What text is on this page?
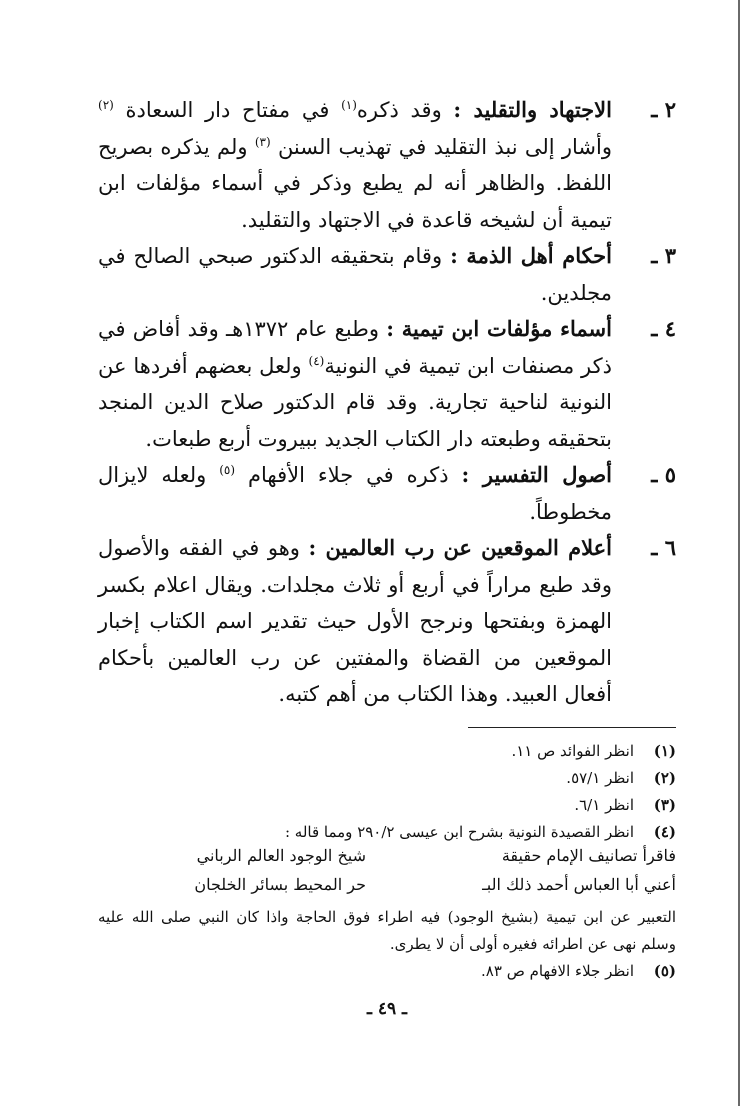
٢ ـ
الاجتهاد والتقليد : وقد ذكره$^{(١)}$ في مفتاح دار السعادة $^{(٢)}$ وأشار إلى نبذ التقليد في تهذيب السنن $^{(٣)}$ ولم يذكره بصريح اللفظ. والظاهر أنه لم يطبع وذكر في أسماء مؤلفات ابن تيمية أن لشيخه قاعدة في الاجتهاد والتقليد.
٣ ـ
أحكام أهل الذمة : وقام بتحقيقه الدكتور صبحي الصالح في مجلدين.
٤ ـ
أسماء مؤلفات ابن تيمية : وطبع عام ١٣٧٢هـ وقد أفاض في ذكر مصنفات ابن تيمية في النونية$^{(٤)}$ ولعل بعضهم أفردها عن النونية لناحية تجارية. وقد قام الدكتور صلاح الدين المنجد بتحقيقه وطبعته دار الكتاب الجديد ببيروت أربع طبعات.
٥ ـ
أصول التفسير : ذكره في جلاء الأفهام $^{(٥)}$ ولعله لايزال مخطوطاً.
٦ ـ
أعلام الموقعين عن رب العالمين : وهو في الفقه والأصول وقد طبع مراراً في أربع أو ثلاث مجلدات. ويقال اعلام بكسر الهمزة وبفتحها ونرجح الأول حيث تقدير اسم الكتاب إخبار الموقعين من القضاة والمفتين عن رب العالمين بأحكام أفعال العبيد. وهذا الكتاب من أهم كتبه.
(١)
انظر الفوائد ص ١١.
(٢)
انظر ٥٧/١.
(٣)
انظر ٦/١.
(٤)
انظر القصيدة النونية بشرح ابن عيسى ٢٩٠/٢ ومما قاله :
فاقرأ تصانيف الإمام حقيقة
شيخ الوجود العالم الرباني
أعني أبا العباس أحمد ذلك البـ
حر المحيط بسائر الخلجان
التعبير عن ابن تيمية (بشيخ الوجود) فيه اطراء فوق الحاجة واذا كان النبي صلى الله عليه وسلم نهى عن اطرائه فغيره أولى أن لا يطرى.
(٥)
انظر جلاء الافهام ص ٨٣.
ـ ٤٩ ـ
